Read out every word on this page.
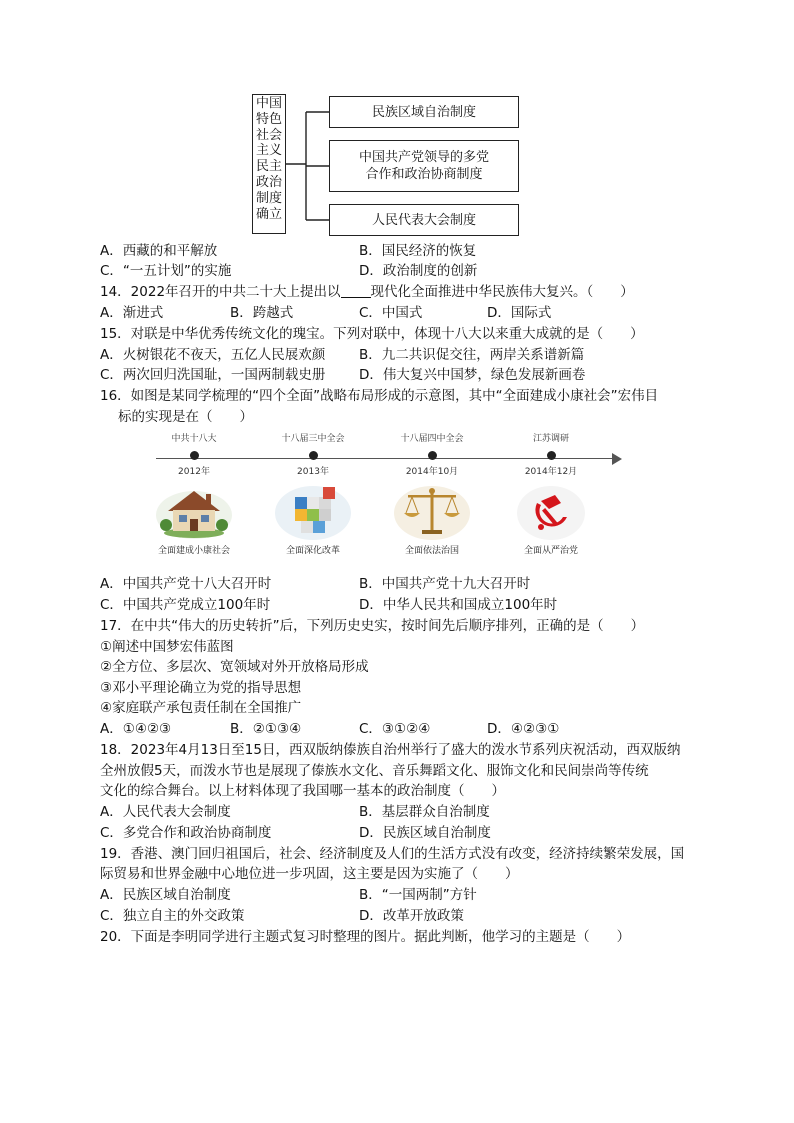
中国
特色
社会
主义
民主
政治
制度
确立
民族区域自治制度
中国共产党领导的多党
合作和政治协商制度
人民代表大会制度
A．西藏的和平解放	B．国民经济的恢复
C．“一五计划”的实施	D．政治制度的创新
14．2022年召开的中共二十大上提出以 现代化全面推进中华民族伟大复兴。（　　）
A．渐进式	B．跨越式	C．中国式	D．国际式
15．对联是中华优秀传统文化的瑰宝。下列对联中，体现十八大以来重大成就的是（　　）
A．火树银花不夜天，五亿人民展欢颜	B．九二共识促交往，两岸关系谱新篇
C．两次回归洗国耻，一国两制载史册 D．伟大复兴中国梦，绿色发展新画卷
16．如图是某同学梳理的“四个全面”战略布局形成的示意图，其中“全面建成小康社会”宏伟目
标的实现是在（　　）
中共十八大
2012年
全面建成小康社会
十八届三中全会
2013年
全面深化改革
十八届四中全会
2014年10月
全面依法治国
江苏调研
2014年12月
全面从严治党
A．中国共产党十八大召开时	B．中国共产党十九大召开时
C．中国共产党成立100年时	D．中华人民共和国成立100年时
17．在中共“伟大的历史转折”后，下列历史史实，按时间先后顺序排列，正确的是（　　）
①阐述中国梦宏伟蓝图
②全方位、多层次、宽领域对外开放格局形成
③邓小平理论确立为党的指导思想
④家庭联产承包责任制在全国推广
A．①④②③	B．②①③④	C．③①②④	D．④②③①
18．2023年4月13日至15日，西双版纳傣族自治州举行了盛大的泼水节系列庆祝活动，西双版纳
全州放假5天，而泼水节也是展现了傣族水文化、音乐舞蹈文化、服饰文化和民间崇尚等传统
文化的综合舞台。以上材料体现了我国哪一基本的政治制度（　　）
A．人民代表大会制度	B．基层群众自治制度
C．多党合作和政治协商制度	D．民族区域自治制度
19．香港、澳门回归祖国后，社会、经济制度及人们的生活方式没有改变，经济持续繁荣发展，国
际贸易和世界金融中心地位进一步巩固，这主要是因为实施了（　　）
A．民族区域自治制度	B．“一国两制”方针
C．独立自主的外交政策	D．改革开放政策
20．下面是李明同学进行主题式复习时整理的图片。据此判断，他学习的主题是（　　）
